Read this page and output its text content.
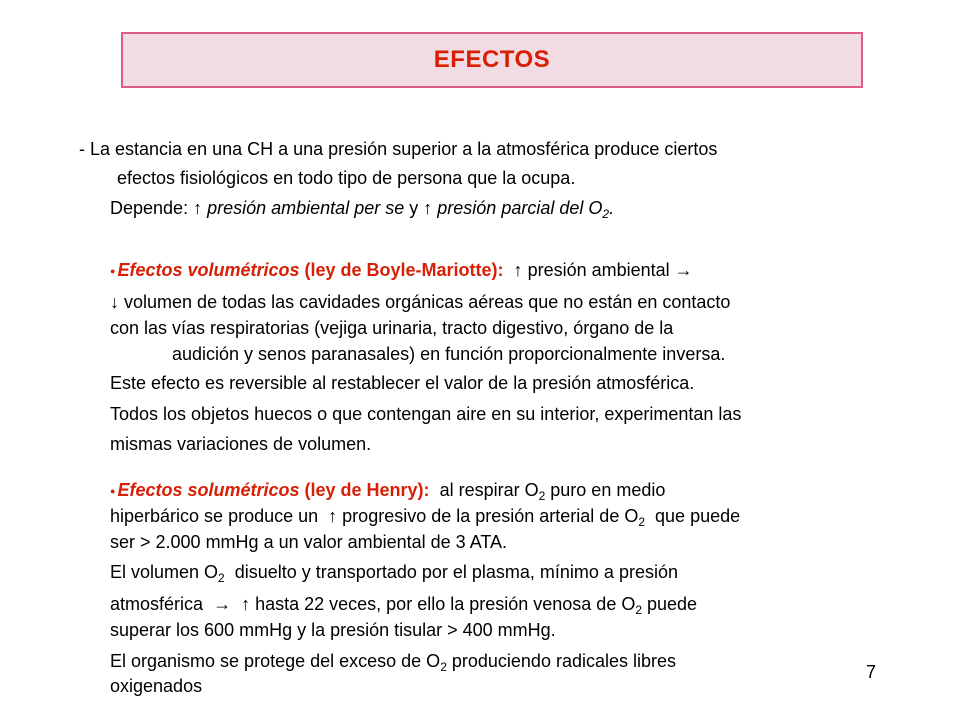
EFECTOS
- La estancia en una CH a una presión superior a la atmosférica produce ciertos
efectos fisiológicos en todo tipo de persona que la ocupa.
Depende: ↑ presión ambiental per se y ↑ presión parcial del $O_2$.
● Efectos volumétricos (ley de Boyle-Mariotte): ↑ presión ambiental →
↓ volumen de todas las cavidades orgánicas aéreas que no están en contacto
con las vías respiratorias (vejiga urinaria, tracto digestivo, órgano de la
audición y senos paranasales) en función proporcionalmente inversa.
Este efecto es reversible al restablecer el valor de la presión atmosférica.
Todos los objetos huecos o que contengan aire en su interior, experimentan las
mismas variaciones de volumen.
● Efectos solumétricos (ley de Henry): al respirar $O_2$ puro en medio
hiperbárico se produce un ↑ progresivo de la presión arterial de $O_2$ que puede
ser > 2.000 mmHg a un valor ambiental de 3 ATA.
El volumen $O_2$ disuelto y transportado por el plasma, mínimo a presión
atmosférica → ↑ hasta 22 veces, por ello la presión venosa de $O_2$ puede
superar los 600 mmHg y la presión tisular > 400 mmHg.
El organismo se protege del exceso de $O_2$ produciendo radicales libres
oxigenados
7
